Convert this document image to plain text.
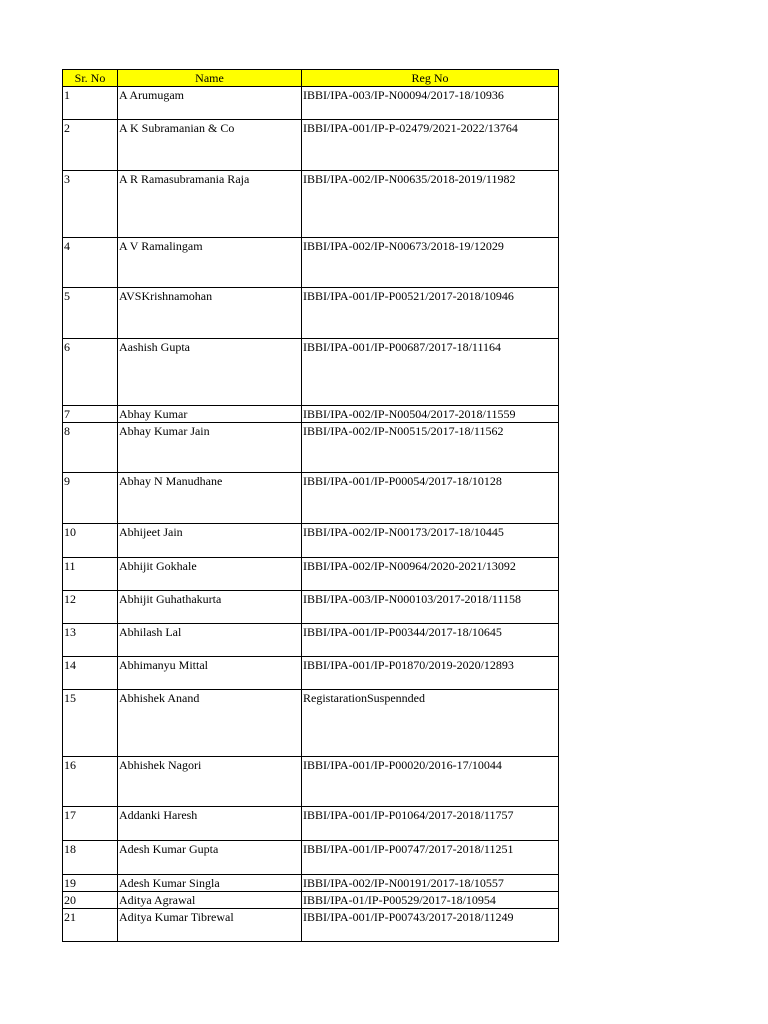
Sr. No	Name	Reg No
1	A Arumugam	IBBI/IPA-003/IP-N00094/2017-18/10936
2	A K Subramanian & Co	IBBI/IPA-001/IP-P-02479/2021-2022/13764
3	A R Ramasubramania Raja	IBBI/IPA-002/IP-N00635/2018-2019/11982
4	A V Ramalingam	IBBI/IPA-002/IP-N00673/2018-19/12029
5	AVSKrishnamohan	IBBI/IPA-001/IP-P00521/2017-2018/10946
6	Aashish Gupta	IBBI/IPA-001/IP-P00687/2017-18/11164
7	Abhay Kumar	IBBI/IPA-002/IP-N00504/2017-2018/11559
8	Abhay Kumar Jain	IBBI/IPA-002/IP-N00515/2017-18/11562
9	Abhay N Manudhane	IBBI/IPA-001/IP-P00054/2017-18/10128
10	Abhijeet Jain	IBBI/IPA-002/IP-N00173/2017-18/10445
11	Abhijit Gokhale	IBBI/IPA-002/IP-N00964/2020-2021/13092
12	Abhijit Guhathakurta	IBBI/IPA-003/IP-N000103/2017-2018/11158
13	Abhilash Lal	IBBI/IPA-001/IP-P00344/2017-18/10645
14	Abhimanyu Mittal	IBBI/IPA-001/IP-P01870/2019-2020/12893
15	Abhishek Anand	RegistarationSuspennded
16	Abhishek Nagori	IBBI/IPA-001/IP-P00020/2016-17/10044
17	Addanki Haresh	IBBI/IPA-001/IP-P01064/2017-2018/11757
18	Adesh Kumar Gupta	IBBI/IPA-001/IP-P00747/2017-2018/11251
19	Adesh Kumar Singla	IBBI/IPA-002/IP-N00191/2017-18/10557
20	Aditya Agrawal	IBBI/IPA-01/IP-P00529/2017-18/10954
21	Aditya Kumar Tibrewal	IBBI/IPA-001/IP-P00743/2017-2018/11249
